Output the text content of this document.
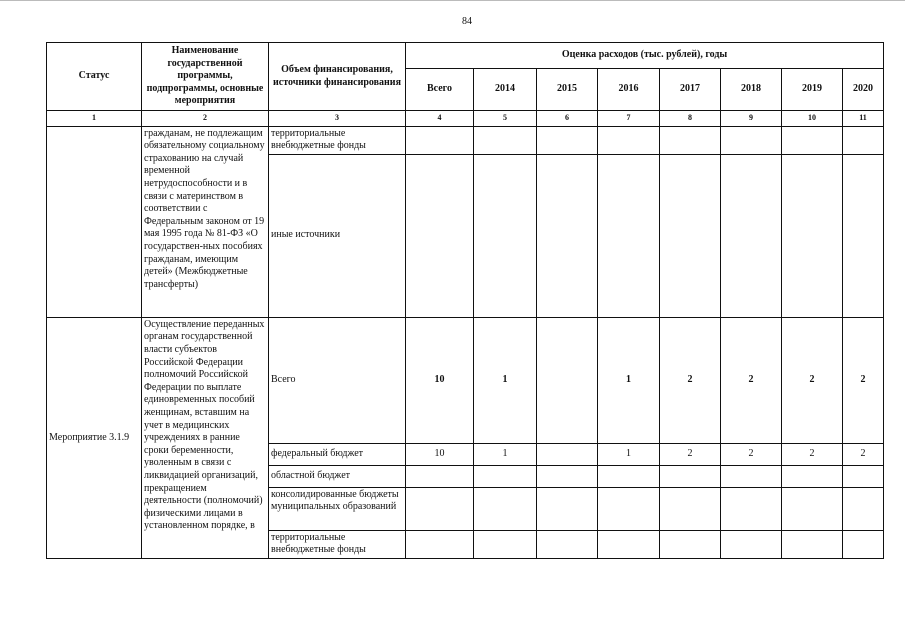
84
Статус	Наименование государственной программы, подпрограммы, основные мероприятия	Объем финансирования, источники финансирования	Оценка расходов (тыс. рублей), годы							
			Всего	2014	2015	2016	2017	2018	2019	2020
1	2	3	4	5	6	7	8	9	10	11
	гражданам, не подлежащим обязательному социальному страхованию на случай временной нетрудоспособности и в связи с материнством в соответствии с Федеральным законом от 19 мая 1995 года № 81-ФЗ «О государствен-ных пособиях гражданам, имеющим детей» (Межбюджетные трансферты)	территориальные внебюджетные фонды								
		иные источники								
Мероприятие 3.1.9	Осуществление переданных органам государственной власти субъектов Российской Федерации полномочий Российской Федерации по выплате единовременных пособий женщинам, вставшим на учет в медицинских учреждениях в ранние сроки беременности, уволенным в связи с ликвидацией организаций, прекращением деятельности (полномочий) физическими лицами в установленном порядке, в	Всего	10	1		1	2	2	2	2
		федеральный бюджет	10	1		1	2	2	2	2
		областной бюджет								
		консолидированные бюджеты муниципальных образований								
		территориальные внебюджетные фонды								
